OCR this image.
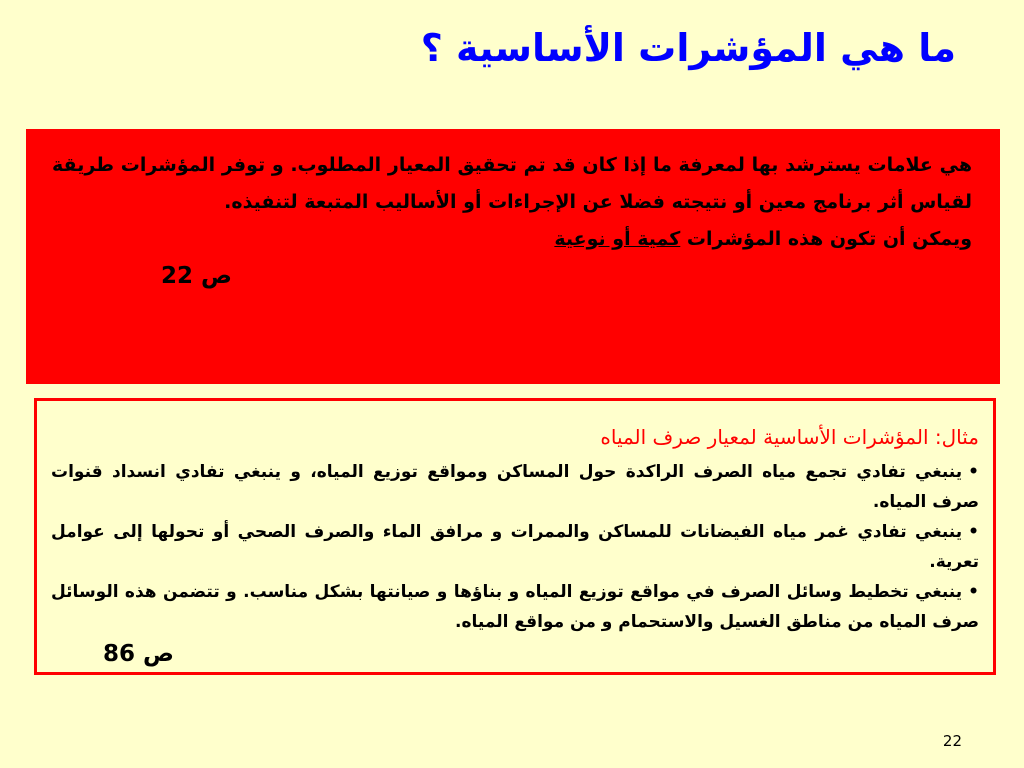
ما هي المؤشرات الأساسية ؟

هي علامات يسترشد بها لمعرفة ما إذا كان قد تم تحقيق المعيار المطلوب. و توفر المؤشرات طريقة لقياس أثر برنامج معين أو نتيجته فضلا عن الإجراءات أو الأساليب المتبعة لتنفيذه.

ويمكن أن تكون هذه المؤشرات كمية أو نوعية

ص 22
مثال: المؤشرات الأساسية لمعيار صرف المياه

•ينبغي تفادي تجمع مياه الصرف الراكدة حول المساكن ومواقع توزيع المياه، و ينبغي تفادي انسداد قنوات صرف المياه.

•ينبغي تفادي غمر مياه الفيضانات للمساكن والممرات و مرافق الماء والصرف الصحي أو تحولها إلى عوامل تعرية.

•ينبغي تخطيط وسائل الصرف في مواقع توزيع المياه و بناؤها و صيانتها بشكل مناسب. و تتضمن هذه الوسائل صرف المياه من مناطق الغسيل والاستحمام و من مواقع المياه.

ص 86
22
